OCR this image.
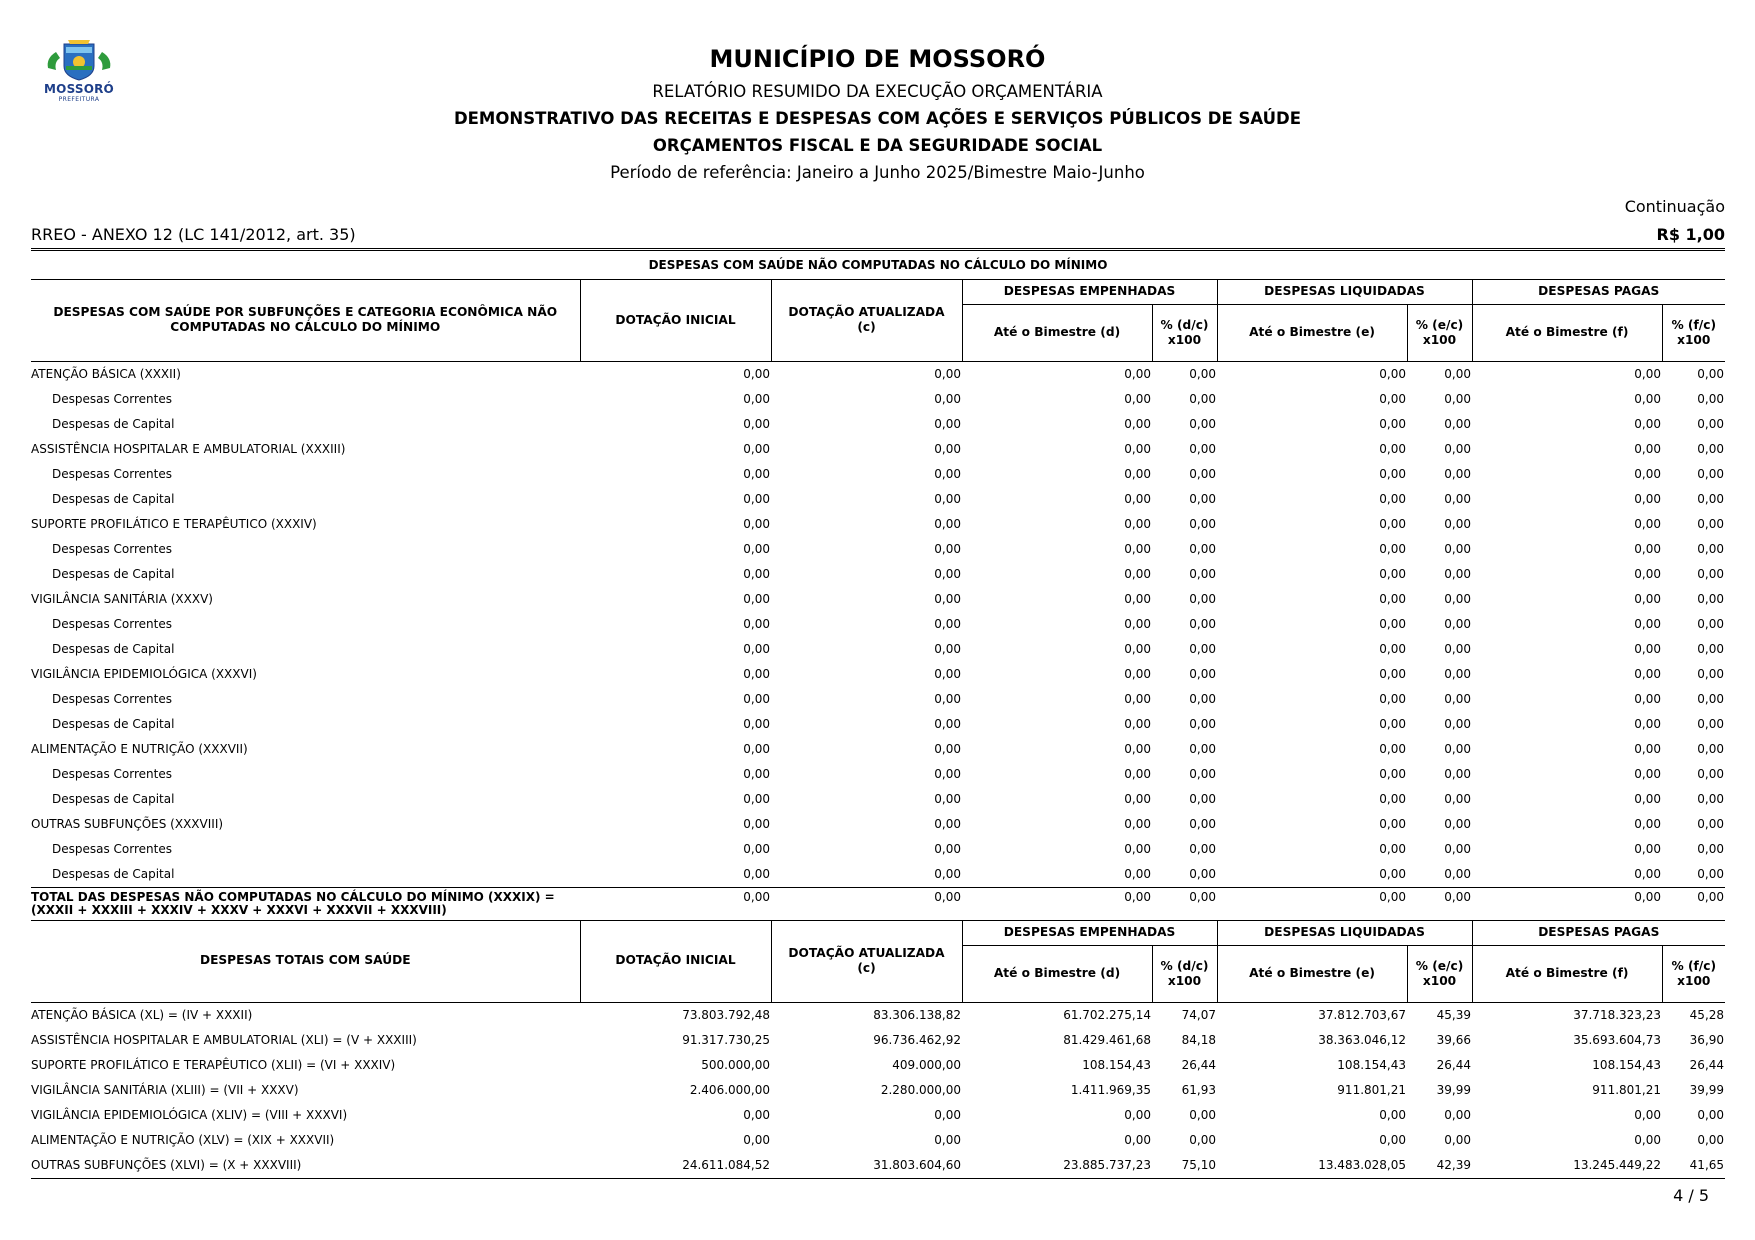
MOSSORÓ
PREFEITURA
MUNICÍPIO DE MOSSORÓ
RELATÓRIO RESUMIDO DA EXECUÇÃO ORÇAMENTÁRIA
DEMONSTRATIVO DAS RECEITAS E DESPESAS COM AÇÕES E SERVIÇOS PÚBLICOS DE SAÚDE
ORÇAMENTOS FISCAL E DA SEGURIDADE SOCIAL
Período de referência: Janeiro a Junho 2025/Bimestre Maio-Junho
Continuação
RREO - ANEXO 12 (LC 141/2012, art. 35)	R$ 1,00
DESPESAS COM SAÚDE NÃO COMPUTADAS NO CÁLCULO DO MÍNIMO								
DESPESAS COM SAÚDE POR SUBFUNÇÕES E CATEGORIA ECONÔMICA NÃO COMPUTADAS NO CÁLCULO DO MÍNIMO	DOTAÇÃO INICIAL	DOTAÇÃO ATUALIZADA (c)	DESPESAS EMPENHADAS		DESPESAS LIQUIDADAS		DESPESAS PAGAS	
			Até o Bimestre (d)	% (d/c) x100	Até o Bimestre (e)	% (e/c) x100	Até o Bimestre (f)	% (f/c) x100
ATENÇÃO BÁSICA (XXXII)	0,00	0,00	0,00	0,00	0,00	0,00	0,00	0,00
Despesas Correntes	0,00	0,00	0,00	0,00	0,00	0,00	0,00	0,00
Despesas de Capital	0,00	0,00	0,00	0,00	0,00	0,00	0,00	0,00
ASSISTÊNCIA HOSPITALAR E AMBULATORIAL (XXXIII)	0,00	0,00	0,00	0,00	0,00	0,00	0,00	0,00
Despesas Correntes	0,00	0,00	0,00	0,00	0,00	0,00	0,00	0,00
Despesas de Capital	0,00	0,00	0,00	0,00	0,00	0,00	0,00	0,00
SUPORTE PROFILÁTICO E TERAPÊUTICO (XXXIV)	0,00	0,00	0,00	0,00	0,00	0,00	0,00	0,00
Despesas Correntes	0,00	0,00	0,00	0,00	0,00	0,00	0,00	0,00
Despesas de Capital	0,00	0,00	0,00	0,00	0,00	0,00	0,00	0,00
VIGILÂNCIA SANITÁRIA (XXXV)	0,00	0,00	0,00	0,00	0,00	0,00	0,00	0,00
Despesas Correntes	0,00	0,00	0,00	0,00	0,00	0,00	0,00	0,00
Despesas de Capital	0,00	0,00	0,00	0,00	0,00	0,00	0,00	0,00
VIGILÂNCIA EPIDEMIOLÓGICA (XXXVI)	0,00	0,00	0,00	0,00	0,00	0,00	0,00	0,00
Despesas Correntes	0,00	0,00	0,00	0,00	0,00	0,00	0,00	0,00
Despesas de Capital	0,00	0,00	0,00	0,00	0,00	0,00	0,00	0,00
ALIMENTAÇÃO E NUTRIÇÃO (XXXVII)	0,00	0,00	0,00	0,00	0,00	0,00	0,00	0,00
Despesas Correntes	0,00	0,00	0,00	0,00	0,00	0,00	0,00	0,00
Despesas de Capital	0,00	0,00	0,00	0,00	0,00	0,00	0,00	0,00
OUTRAS SUBFUNÇÕES (XXXVIII)	0,00	0,00	0,00	0,00	0,00	0,00	0,00	0,00
Despesas Correntes	0,00	0,00	0,00	0,00	0,00	0,00	0,00	0,00
Despesas de Capital	0,00	0,00	0,00	0,00	0,00	0,00	0,00	0,00
TOTAL DAS DESPESAS NÃO COMPUTADAS NO CÁLCULO DO MÍNIMO (XXXIX) = (XXXII + XXXIII + XXXIV + XXXV + XXXVI + XXXVII + XXXVIII)	0,00	0,00	0,00	0,00	0,00	0,00	0,00	0,00
DESPESAS TOTAIS COM SAÚDE	DOTAÇÃO INICIAL	DOTAÇÃO ATUALIZADA (c)	DESPESAS EMPENHADAS		DESPESAS LIQUIDADAS		DESPESAS PAGAS	
			Até o Bimestre (d)	% (d/c) x100	Até o Bimestre (e)	% (e/c) x100	Até o Bimestre (f)	% (f/c) x100
ATENÇÃO BÁSICA (XL) = (IV + XXXII)	73.803.792,48	83.306.138,82	61.702.275,14	74,07	37.812.703,67	45,39	37.718.323,23	45,28
ASSISTÊNCIA HOSPITALAR E AMBULATORIAL (XLI) = (V + XXXIII)	91.317.730,25	96.736.462,92	81.429.461,68	84,18	38.363.046,12	39,66	35.693.604,73	36,90
SUPORTE PROFILÁTICO E TERAPÊUTICO (XLII) = (VI + XXXIV)	500.000,00	409.000,00	108.154,43	26,44	108.154,43	26,44	108.154,43	26,44
VIGILÂNCIA SANITÁRIA (XLIII) = (VII + XXXV)	2.406.000,00	2.280.000,00	1.411.969,35	61,93	911.801,21	39,99	911.801,21	39,99
VIGILÂNCIA EPIDEMIOLÓGICA (XLIV) = (VIII + XXXVI)	0,00	0,00	0,00	0,00	0,00	0,00	0,00	0,00
ALIMENTAÇÃO E NUTRIÇÃO (XLV) = (XIX + XXXVII)	0,00	0,00	0,00	0,00	0,00	0,00	0,00	0,00
OUTRAS SUBFUNÇÕES (XLVI) = (X + XXXVIII)	24.611.084,52	31.803.604,60	23.885.737,23	75,10	13.483.028,05	42,39	13.245.449,22	41,65
4 / 5
